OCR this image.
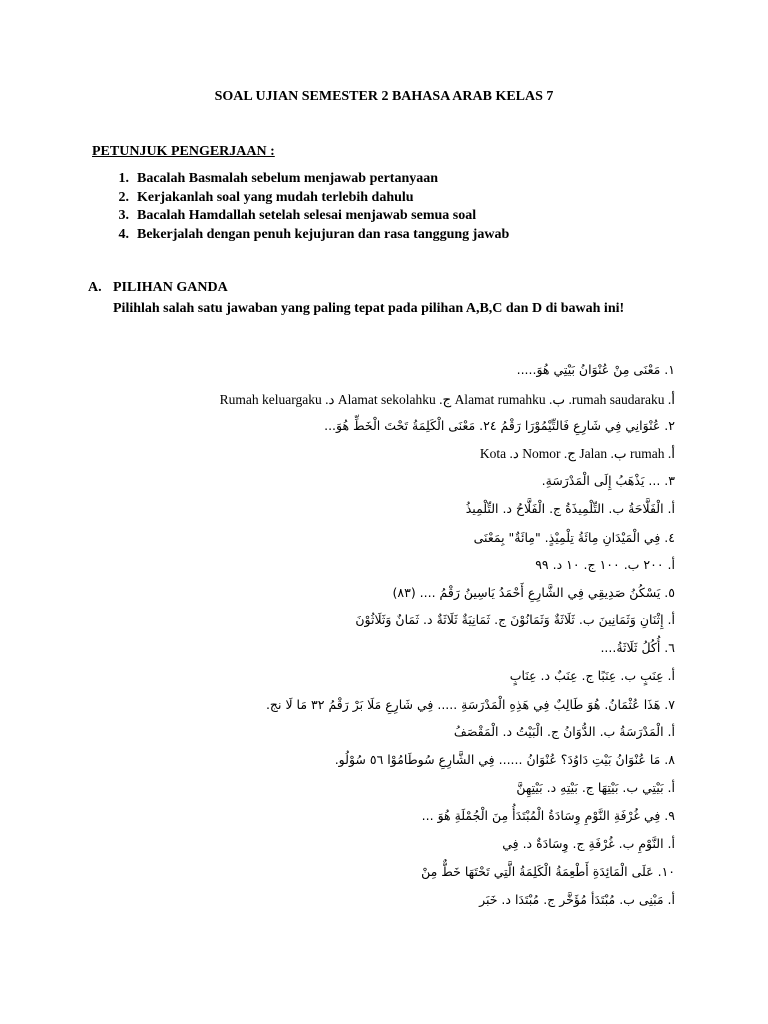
SOAL UJIAN SEMESTER 2 BAHASA ARAB KELAS 7
PETUNJUK PENGERJAAN :
1. Bacalah Basmalah sebelum menjawab pertanyaan
2. Kerjakanlah soal yang mudah terlebih dahulu
3. Bacalah Hamdallah setelah selesai menjawab semua soal
4. Bekerjalah dengan penuh kejujuran dan rasa tanggung jawab
A. PILIHAN GANDA
Pilihlah salah satu jawaban yang paling tepat pada pilihan A,B,C dan D di bawah ini!
١. مَعْنَى مِنْ عُنْوَانُ بَيْتِي هُوَ.....
أ. rumah saudaraku. ب. Alamat rumahku ج. Alamat sekolahku د. Rumah keluargaku
٢. عُنْوَانِي فِي شَارِعِ فَالتِّيْمُوْرَا رَقْمُ ٢٤. مَعْنَى الْكَلِمَةُ تَحْتَ الْخَطِّ هُوَ...
أ. rumah ب. Jalan ج. Nomor د. Kota
٣. ... يَذْهَبُ إِلَى الْمَدْرَسَةِ.
أ. الْفَلَّاحَةُ ب. التِّلْمِيذَةُ ج. الْفَلَّاحُ د. التِّلْمِيذُ
٤. فِي الْمَيْدَانِ مِائَةُ تِلْمِيْذٍ. "مِائَةٌ" بِمَعْنَى
أ. ٢٠٠ ب. ١٠٠ ج. ١٠ د. ٩٩
٥. يَسْكُنُ صَدِيقِي فِي الشَّارِعِ أَحْمَدُ يَاسِينُ رَقْمُ .... (٨٣)
أ. إِثْنَانِ وَثَمَانِينَ ب. ثَلَاثَةٌ وَثَمَانُوْنَ ج. ثَمَانِيَةٌ ثَلَاثَةٌ د. ثَمَانٌ وَثَلَاثُوْنَ
٦. أُكُلُ ثَلَاثَةُ....
أ. عِنَبٍ ب. عِنَبًا ج. عِنَبٌ د. عِنَابٍ
٧. هَذَا عُثْمَانُ. هُوَ طَالِبٌ فِي هَذِهِ الْمَدْرَسَةِ ..... فِي شَارِعِ مَلَا بَرْ رَقْمُ ٣٢ مَا لَا نج.
أ. الْمَدْرَسَةُ ب. الدُّوَانُ ج. الْبَيْتُ د. الْمَقْصَفُ
٨. مَا عُنْوَانُ بَيْتِ دَاوُدَ؟ عُنْوَانُ ...... فِي الشَّارِعِ سُوطَامُوْا ٥٦ سُوْلُو.
أ. بَيْتِي ب. بَيْتِهَا ج. بَيْتِهِ د. بَيْتِهِنَّ
٩. فِي غُرْفَةِ النَّوْمِ وِسَادَةُ الْمُبْتَدَأُ مِنَ الْجُمْلَةِ هُوَ ...
أ. النَّوْمِ ب. غُرْفَةِ ج. وِسَادَةٌ د. فِي
١٠. عَلَى الْمَائِدَةِ أَطْعِمَةُ الْكَلِمَةُ الَّتِي تَحْتَهَا خَطٌّ مِنْ
أ. مَبْنِى ب. مُبْتَدَأ مُؤَخَّر ج. مُبْتَدَا د. خَبَر
